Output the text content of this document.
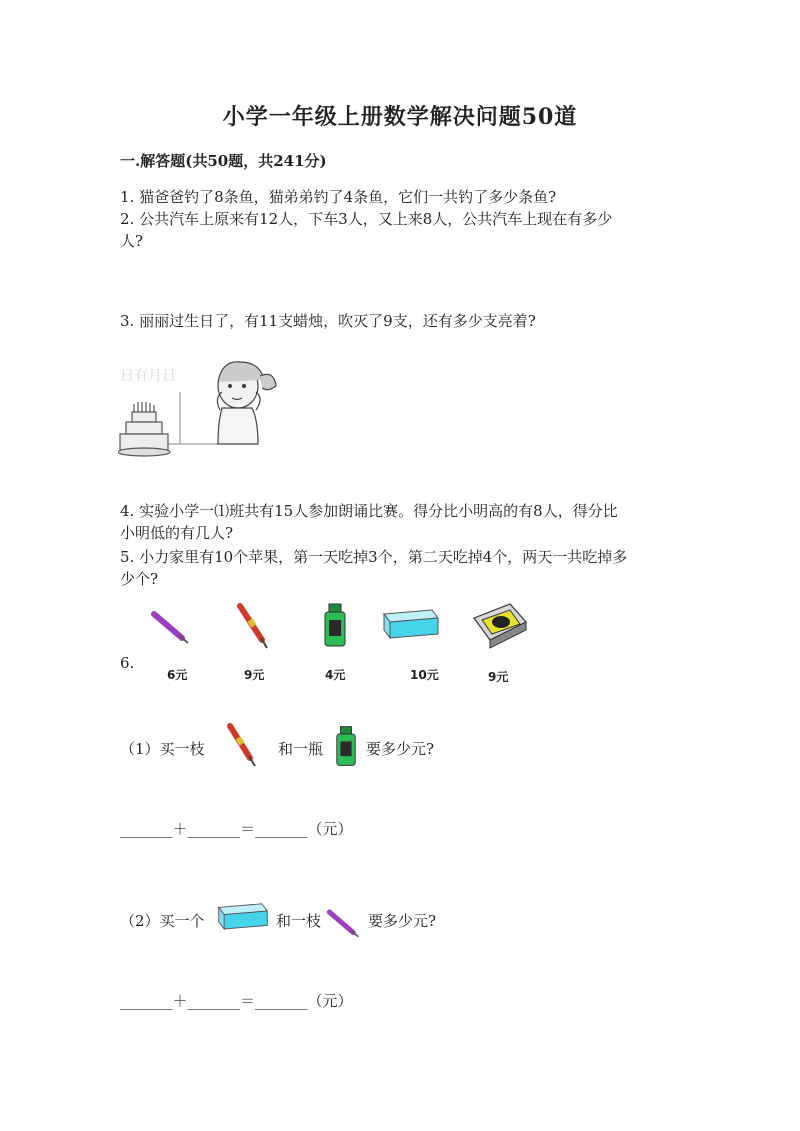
小学一年级上册数学解决问题50道
一.解答题(共50题，共241分)
1. 猫爸爸钓了8条鱼，猫弟弟钓了4条鱼，它们一共钓了多少条鱼?
2. 公共汽车上原来有12人，下车3人，又上来8人，公共汽车上现在有多少
人?
3. 丽丽过生日了，有11支蜡烛，吹灭了9支，还有多少支亮着?
日有月日
4. 实验小学一⑴班共有15人参加朗诵比赛。得分比小明高的有8人，得分比
小明低的有几人?
5. 小力家里有10个苹果，第一天吃掉3个，第二天吃掉4个，两天一共吃掉多
少个?
6.
6元	9元	4元	10元	9元
（1）买一枝	和一瓶	要多少元?
_______＋_______＝_______（元）
（2）买一个	和一枝	要多少元?
_______＋_______＝_______（元）
